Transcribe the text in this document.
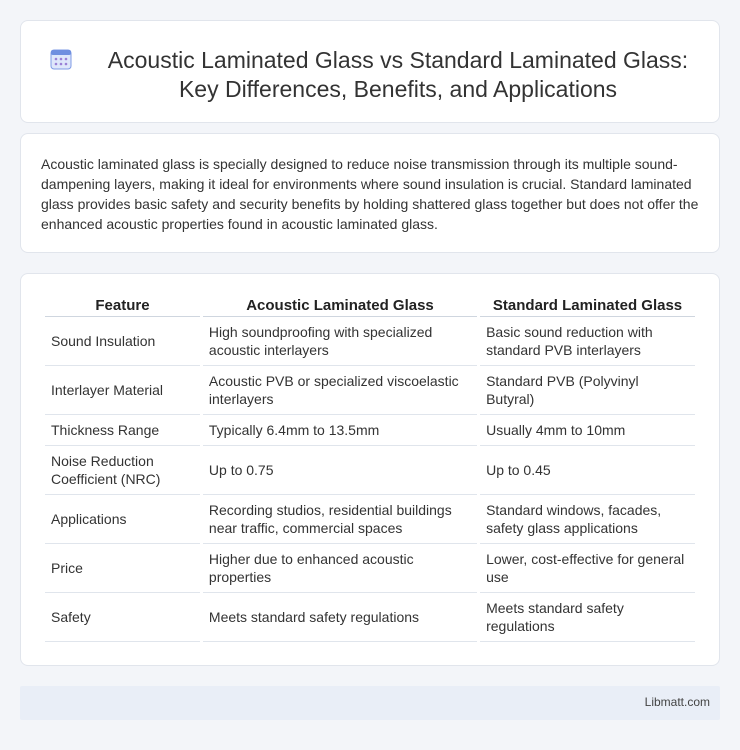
Acoustic Laminated Glass vs Standard Laminated Glass:
Key Differences, Benefits, and Applications

Acoustic laminated glass is specially designed to reduce noise transmission through its multiple sound-dampening layers, making it ideal for environments where sound insulation is crucial. Standard laminated glass provides basic safety and security benefits by holding shattered glass together but does not offer the enhanced acoustic properties found in acoustic laminated glass.

Feature	Acoustic Laminated Glass	Standard Laminated Glass
Sound Insulation	High soundproofing with specialized acoustic interlayers	Basic sound reduction with standard PVB interlayers
Interlayer Material	Acoustic PVB or specialized viscoelastic interlayers	Standard PVB (Polyvinyl Butyral)
Thickness Range	Typically 6.4mm to 13.5mm	Usually 4mm to 10mm
Noise Reduction Coefficient (NRC)	Up to 0.75	Up to 0.45
Applications	Recording studios, residential buildings near traffic, commercial spaces	Standard windows, facades, safety glass applications
Price	Higher due to enhanced acoustic properties	Lower, cost-effective for general use
Safety	Meets standard safety regulations	Meets standard safety regulations
Libmatt.com
